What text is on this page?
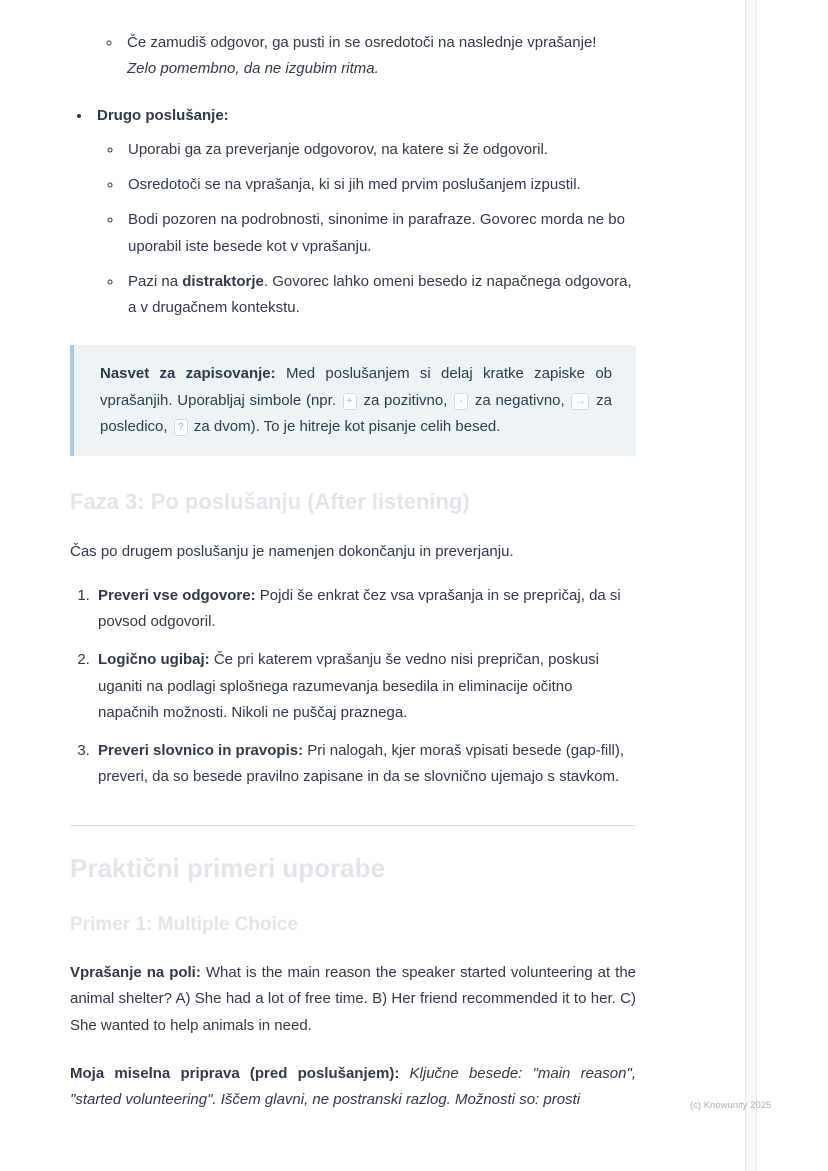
◦ Če zamudiš odgovor, ga pusti in se osredotoči na naslednje vprašanje!
Zelo pomembno, da ne izgubim ritma.
• Drugo poslušanje:
◦ Uporabi ga za preverjanje odgovorov, na katere si že odgovoril.
◦ Osredotoči se na vprašanja, ki si jih med prvim poslušanjem izpustil.
◦ Bodi pozoren na podrobnosti, sinonime in parafraze. Govorec morda ne bo uporabil iste besede kot v vprašanju.
◦ Pazi na distraktorje. Govorec lahko omeni besedo iz napačnega odgovora, a v drugačnem kontekstu.
Nasvet za zapisovanje: Med poslušanjem si delaj kratke zapiske ob vprašanjih. Uporabljaj simbole (npr. + za pozitivno, - za negativno, → za posledico, ? za dvom). To je hitreje kot pisanje celih besed.
Faza 3: Po poslušanju (After listening)

Čas po drugem poslušanju je namenjen dokončanju in preverjanju.

1. Preveri vse odgovore: Pojdi še enkrat čez vsa vprašanja in se prepričaj, da si povsod odgovoril.
2. Logično ugibaj: Če pri katerem vprašanju še vedno nisi prepričan, poskusi uganiti na podlagi splošnega razumevanja besedila in eliminacije očitno napačnih možnosti. Nikoli ne puščaj praznega.
3. Preveri slovnico in pravopis: Pri nalogah, kjer moraš vpisati besede (gap-fill), preveri, da so besede pravilno zapisane in da se slovnično ujemajo s stavkom.
Praktični primeri uporabe
Primer 1: Multiple Choice

Vprašanje na poli: What is the main reason the speaker started volunteering at the animal shelter? A) She had a lot of free time. B) Her friend recommended it to her. C) She wanted to help animals in need.

Moja miselna priprava (pred poslušanjem): Ključne besede: "main reason", "started volunteering". Iščem glavni, ne postranski razlog. Možnosti so: prosti	(c) Knowunity 2025
